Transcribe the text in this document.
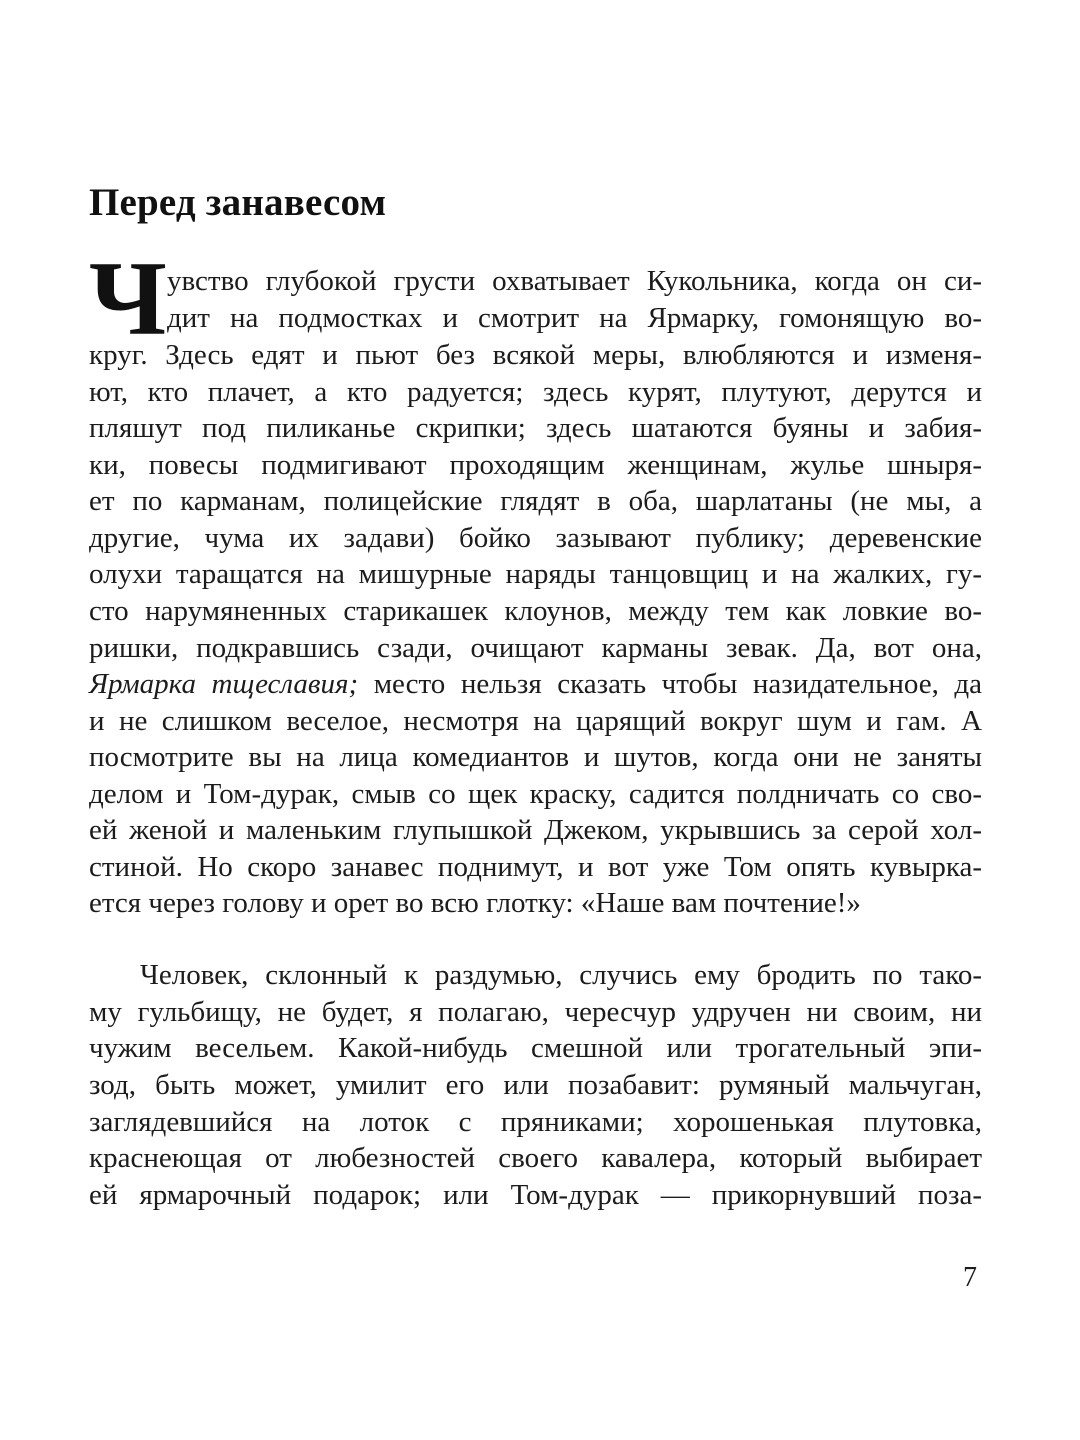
Перед занавесом
Ч увство глубокой грусти охватывает Кукольника, когда он си-
дит на подмостках и смотрит на Ярмарку, гомонящую во-
круг. Здесь едят и пьют без всякой меры, влюбляются и изменя-
ют, кто плачет, а кто радуется; здесь курят, плутуют, дерутся и
пляшут под пиликанье скрипки; здесь шатаются буяны и забия-
ки, повесы подмигивают проходящим женщинам, жулье шныря-
ет по карманам, полицейские глядят в оба, шарлатаны (не мы, а
другие, чума их задави) бойко зазывают публику; деревенские
олухи таращатся на мишурные наряды танцовщиц и на жалких, гу-
сто нарумяненных старикашек клоунов, между тем как ловкие во-
ришки, подкравшись сзади, очищают карманы зевак. Да, вот она,
Ярмарка тщеславия; место нельзя сказать чтобы назидательное, да
и не слишком веселое, несмотря на царящий вокруг шум и гам. А
посмотрите вы на лица комедиантов и шутов, когда они не заняты
делом и Том-дурак, смыв со щек краску, садится полдничать со сво-
ей женой и маленьким глупышкой Джеком, укрывшись за серой хол-
стиной. Но скоро занавес поднимут, и вот уже Том опять кувырка-
ется через голову и орет во всю глотку: «Наше вам почтение!»
Человек, склонный к раздумью, случись ему бродить по тако-
му гульбищу, не будет, я полагаю, чересчур удручен ни своим, ни
чужим весельем. Какой-нибудь смешной или трогательный эпи-
зод, быть может, умилит его или позабавит: румяный мальчуган,
заглядевшийся на лоток с пряниками; хорошенькая плутовка,
краснеющая от любезностей своего кавалера, который выбирает
ей ярмарочный подарок; или Том-дурак — прикорнувший поза-
7
